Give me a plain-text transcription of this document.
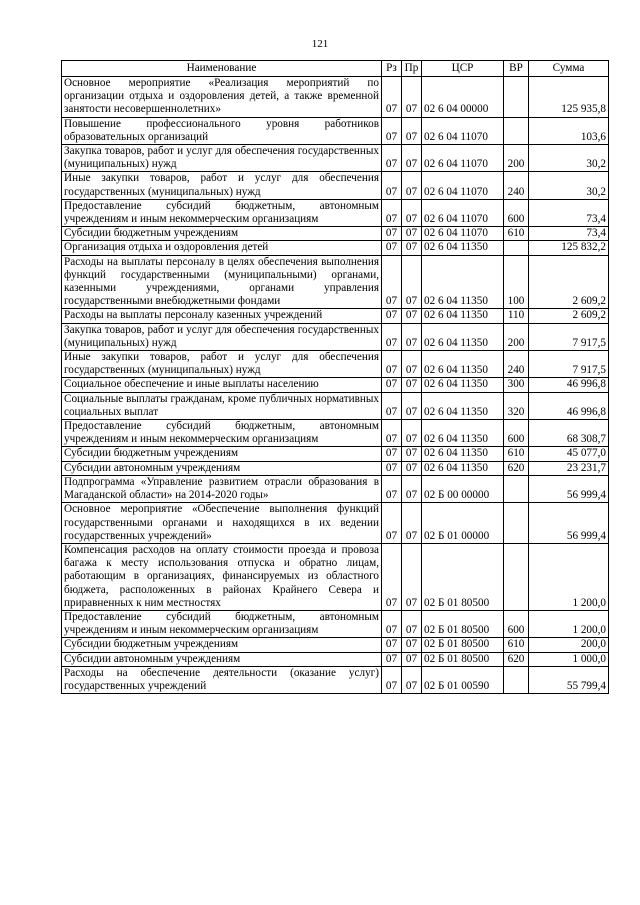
121
Наименование	Рз	Пр	ЦСР	ВР	Сумма
Основное мероприятие «Реализация мероприятий по организации отдыха и оздоровления детей, а также временной занятости несовершеннолетних»	07	07	02 6 04 00000		125 935,8
Повышение профессионального уровня работников образовательных организаций	07	07	02 6 04 11070		103,6
Закупка товаров, работ и услуг для обеспечения государственных (муниципальных) нужд	07	07	02 6 04 11070	200	30,2
Иные закупки товаров, работ и услуг для обеспечения государственных (муниципальных) нужд	07	07	02 6 04 11070	240	30,2
Предоставление субсидий бюджетным, автономным учреждениям и иным некоммерческим организациям	07	07	02 6 04 11070	600	73,4
Субсидии бюджетным учреждениям	07	07	02 6 04 11070	610	73,4
Организация отдыха и оздоровления детей	07	07	02 6 04 11350		125 832,2
Расходы на выплаты персоналу в целях обеспечения выполнения функций государственными (муниципальными) органами, казенными учреждениями, органами управления государственными внебюджетными фондами	07	07	02 6 04 11350	100	2 609,2
Расходы на выплаты персоналу казенных учреждений	07	07	02 6 04 11350	110	2 609,2
Закупка товаров, работ и услуг для обеспечения государственных (муниципальных) нужд	07	07	02 6 04 11350	200	7 917,5
Иные закупки товаров, работ и услуг для обеспечения государственных (муниципальных) нужд	07	07	02 6 04 11350	240	7 917,5
Социальное обеспечение и иные выплаты населению	07	07	02 6 04 11350	300	46 996,8
Социальные выплаты гражданам, кроме публичных нормативных социальных выплат	07	07	02 6 04 11350	320	46 996,8
Предоставление субсидий бюджетным, автономным учреждениям и иным некоммерческим организациям	07	07	02 6 04 11350	600	68 308,7
Субсидии бюджетным учреждениям	07	07	02 6 04 11350	610	45 077,0
Субсидии автономным учреждениям	07	07	02 6 04 11350	620	23 231,7
Подпрограмма «Управление развитием отрасли образования в Магаданской области» на 2014-2020 годы»	07	07	02 Б 00 00000		56 999,4
Основное мероприятие «Обеспечение выполнения функций государственными органами и находящихся в их ведении государственных учреждений»	07	07	02 Б 01 00000		56 999,4
Компенсация расходов на оплату стоимости проезда и провоза багажа к месту использования отпуска и обратно лицам, работающим в организациях, финансируемых из областного бюджета, расположенных в районах Крайнего Севера и приравненных к ним местностях	07	07	02 Б 01 80500		1 200,0
Предоставление субсидий бюджетным, автономным учреждениям и иным некоммерческим организациям	07	07	02 Б 01 80500	600	1 200,0
Субсидии бюджетным учреждениям	07	07	02 Б 01 80500	610	200,0
Субсидии автономным учреждениям	07	07	02 Б 01 80500	620	1 000,0
Расходы на обеспечение деятельности (оказание услуг) государственных учреждений	07	07	02 Б 01 00590		55 799,4
